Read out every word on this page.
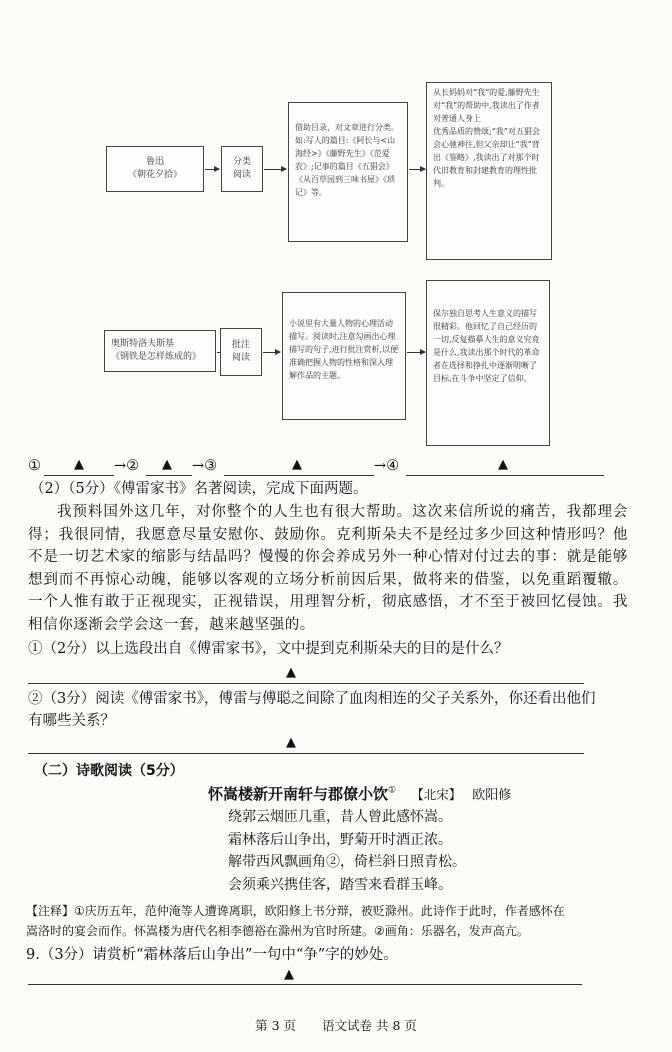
鲁迅
《朝花夕拾》
分类
阅读
借助目录，对文章进行分类。如:写人的篇目:《阿长与<山海经>》《藤野先生》《范爱农》;记事的篇目《五猖会》《从百草园到三味书屋》《琐记》等。
从长妈妈对“我”的爱,藤野先生对“我”的帮助中,我读出了作者对普通人身上
优秀品质的赞颂;“我”对五猖会会心驰神往,但父亲却让“我”背出《鉴略》,我读出了对那个时代旧教育和封建教育的理性批判。
奥斯特洛夫斯基
《钢铁是怎样炼成的》
批注
阅读
小说里有大量人物的心理活动描写。阅读时,注意勾画出心理描写的句子,进行批注赏析,以便准确把握人物的性格和深入理解作品的主题。
保尔独自思考人生意义的描写很精彩。他回忆了自己经历的一切,反复描摹人生的意义究竟是什么,我读出那个时代的革命者在选择和挣扎中逐渐明晰了目标,在斗争中坚定了信仰。
①	▲ →② ▲ →③	▲	→④	▲
（2）（5分）《傅雷家书》名著阅读，完成下面两题。
我预料国外这几年，对你整个的人生也有很大帮助。这次来信所说的痛苦，我都理会得；我很同情，我愿意尽量安慰你、鼓励你。克利斯朵夫不是经过多少回这种情形吗？他不是一切艺术家的缩影与结晶吗？慢慢的你会养成另外一种心情对付过去的事：就是能够想到而不再惊心动魄，能够以客观的立场分析前因后果，做将来的借鉴，以免重蹈覆辙。一个人惟有敢于正视现实，正视错误，用理智分析，彻底感悟，才不至于被回忆侵蚀。我相信你逐渐会学会这一套，越来越坚强的。
①（2分）以上选段出自《傅雷家书》，文中提到克利斯朵夫的目的是什么？
▲
②（3分）阅读《傅雷家书》，傅雷与傅聪之间除了血肉相连的父子关系外，你还看出他们
有哪些关系？
▲
（二）诗歌阅读（5分）
怀嵩楼新开南轩与郡僚小饮① 【北宋】 欧阳修
绕郭云烟匝几重，昔人曾此感怀嵩。
霜林落后山争出，野菊开时酒正浓。
解带西风飘画角②，倚栏斜日照青松。
会须乘兴携佳客，踏雪来看群玉峰。
【注释】①庆历五年，范仲淹等人遭谗离职，欧阳修上书分辩，被贬滁州。此诗作于此时，作者感怀在
嵩洛时的宴会而作。怀嵩楼为唐代名相李德裕在滁州为官时所建。②画角：乐器名，发声高亢。
9.（3分）请赏析“霜林落后山争出”一句中“争”字的妙处。
▲
第 3 页 语文试卷 共 8 页
